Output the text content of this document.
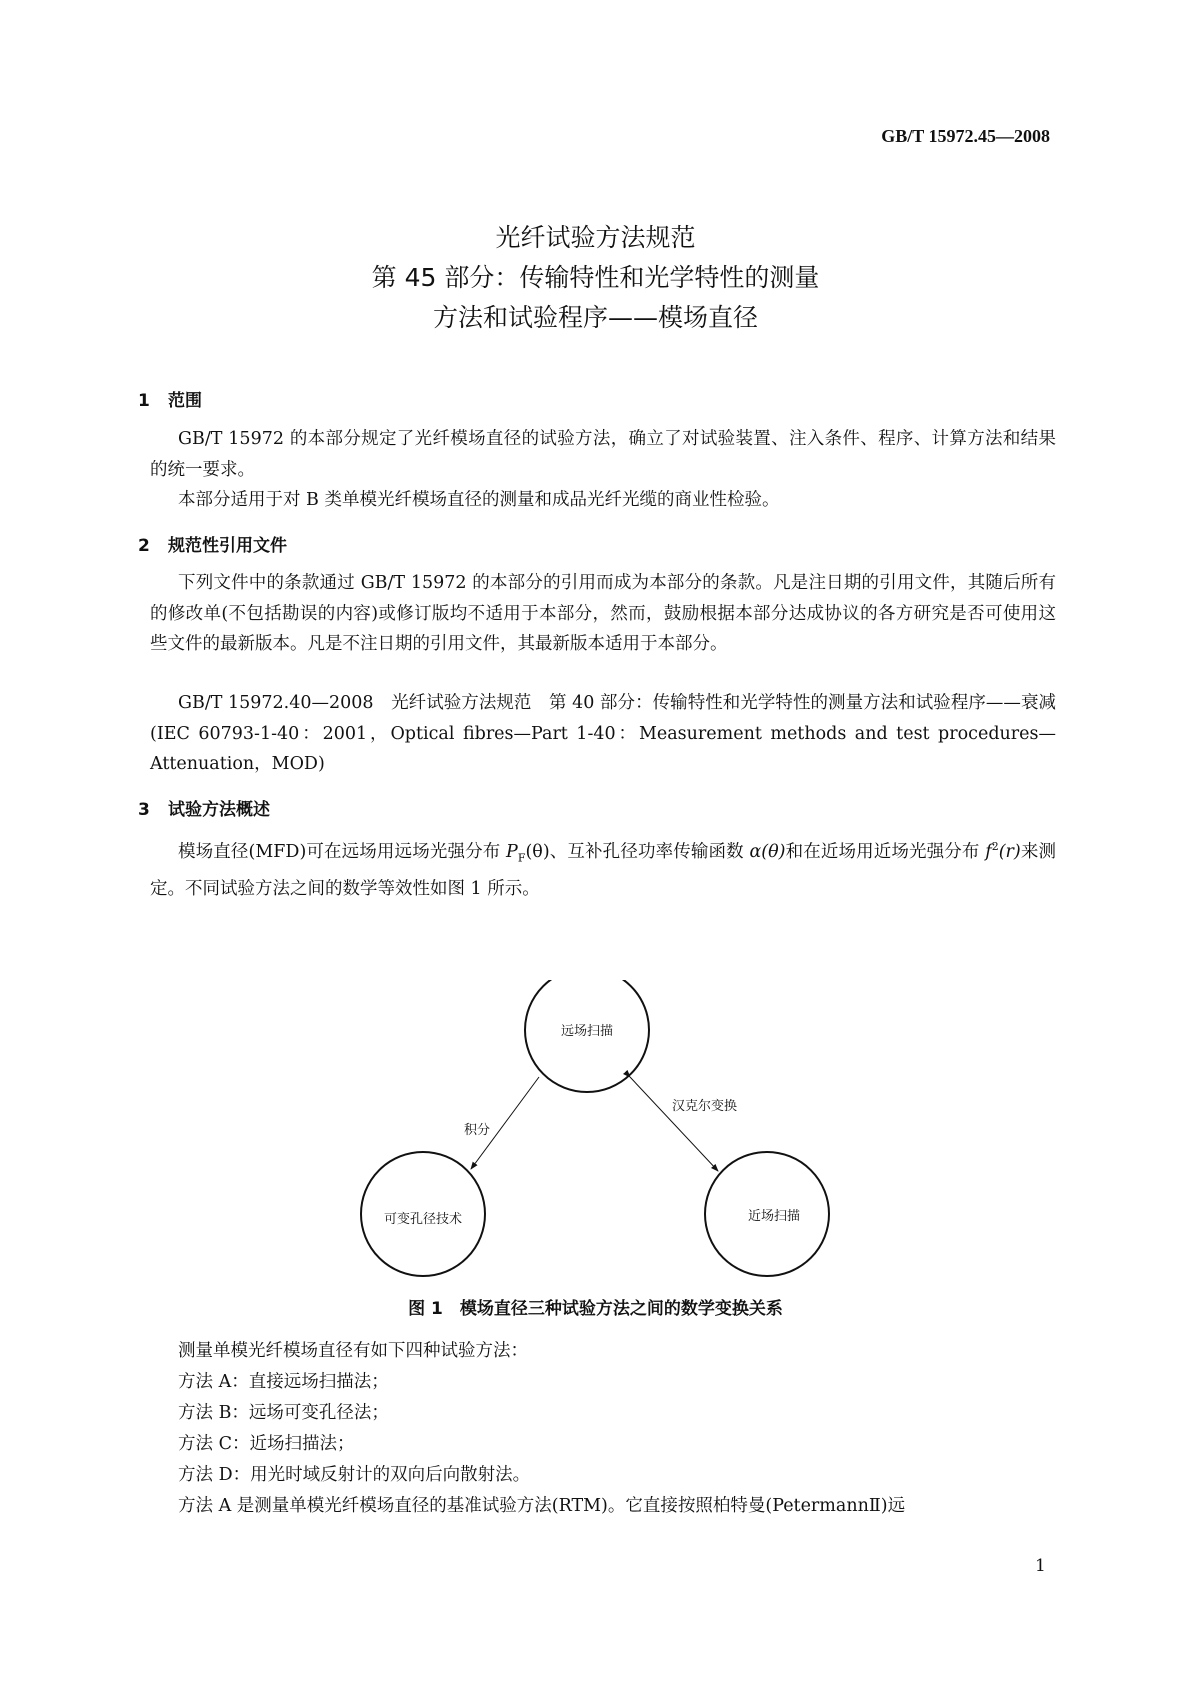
GB/T 15972.45—2008
光纤试验方法规范
第 45 部分：传输特性和光学特性的测量
方法和试验程序——模场直径
1 范围
GB/T 15972 的本部分规定了光纤模场直径的试验方法，确立了对试验装置、注入条件、程序、计算方法和结果的统一要求。
本部分适用于对 B 类单模光纤模场直径的测量和成品光纤光缆的商业性检验。
2 规范性引用文件
下列文件中的条款通过 GB/T 15972 的本部分的引用而成为本部分的条款。凡是注日期的引用文件，其随后所有的修改单(不包括勘误的内容)或修订版均不适用于本部分，然而，鼓励根据本部分达成协议的各方研究是否可使用这些文件的最新版本。凡是不注日期的引用文件，其最新版本适用于本部分。
GB/T 15972.40—2008　光纤试验方法规范　第 40 部分：传输特性和光学特性的测量方法和试验程序——衰减(IEC 60793-1-40：2001，Optical fibres—Part 1-40：Measurement methods and test procedures—Attenuation，MOD)
3 试验方法概述
模场直径(MFD)可在远场用远场光强分布 $P_F(\theta)$、互补孔径功率传输函数 α(θ)和在近场用近场光强分布 $f^2(r)$来测定。不同试验方法之间的数学等效性如图 1 所示。
远场扫描
可变孔径技术	近场扫描
积分
汉克尔变换
图 1　模场直径三种试验方法之间的数学变换关系
测量单模光纤模场直径有如下四种试验方法：
方法 A：直接远场扫描法；
方法 B：远场可变孔径法；
方法 C：近场扫描法；
方法 D：用光时域反射计的双向后向散射法。
方法 A 是测量单模光纤模场直径的基准试验方法(RTM)。它直接按照柏特曼(PetermannⅡ)远
1
